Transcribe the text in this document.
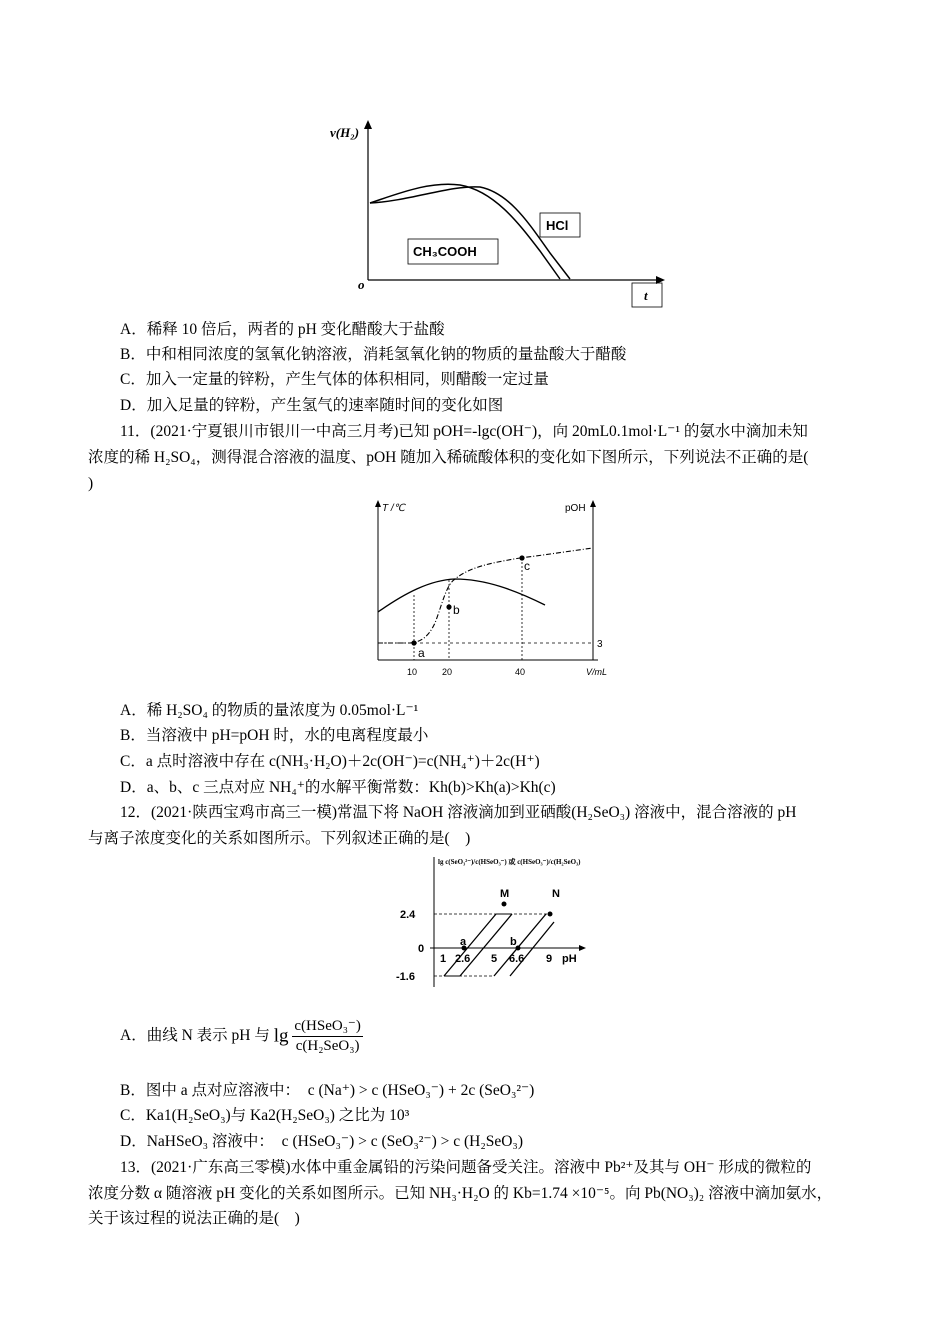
v(H₂)
o
t
HCl
CH₃COOH
A．稀释 10 倍后，两者的 pH 变化醋酸大于盐酸
B．中和相同浓度的氢氧化钠溶液，消耗氢氧化钠的物质的量盐酸大于醋酸
C．加入一定量的锌粉，产生气体的体积相同，则醋酸一定过量
D．加入足量的锌粉，产生氢气的速率随时间的变化如图
11．(2021·宁夏银川市银川一中高三月考)已知 pOH=-lgc(OH⁻)，向 20mL0.1mol·L⁻¹ 的氨水中滴加未知
浓度的稀 H₂SO₄，测得混合溶液的温度、pOH 随加入稀硫酸体积的变化如下图所示，下列说法不正确的是(
)
T /℃	pOH
V/mL
3
a
b
c
10	20	40
A．稀 H₂SO₄ 的物质的量浓度为 0.05mol·L⁻¹
B．当溶液中 pH=pOH 时，水的电离程度最小
C．a 点时溶液中存在 c(NH₃·H₂O)＋2c(OH⁻)=c(NH₄⁺)＋2c(H⁺)
D．a、b、c 三点对应 NH₄⁺的水解平衡常数：Kh(b)>Kh(a)>Kh(c)
12．(2021·陕西宝鸡市高三一模)常温下将 NaOH 溶液滴加到亚硒酸(H₂SeO₃) 溶液中，混合溶液的 pH
与离子浓度变化的关系如图所示。下列叙述正确的是(　)
lg c(SeO₃²⁻)/c(HSeO₃⁻) 或 c(HSeO₃⁻)/c(H₂SeO₃)
2.4
0
-1.6
M	N
a	b
1 2.6 5 6.6 9 pH
A．曲线 N 表示 pH 与 $\lg \frac{\text{c(HSeO₃⁻)}}{\text{c(H₂SeO₃)}}$
B．图中 a 点对应溶液中：　c (Na⁺) > c (HSeO₃⁻) + 2c (SeO₃²⁻)
C．Ka1(H₂SeO₃)与 Ka2(H₂SeO₃) 之比为 10³
D．NaHSeO₃ 溶液中：　c (HSeO₃⁻) > c (SeO₃²⁻) > c (H₂SeO₃)
13．(2021·广东高三零模)水体中重金属铅的污染问题备受关注。溶液中 Pb²⁺及其与 OH⁻ 形成的微粒的
浓度分数 α 随溶液 pH 变化的关系如图所示。已知 NH₃·H₂O 的 Kb=1.74 ×10⁻⁵。向 Pb(NO₃)₂ 溶液中滴加氨水，
关于该过程的说法正确的是(　)
